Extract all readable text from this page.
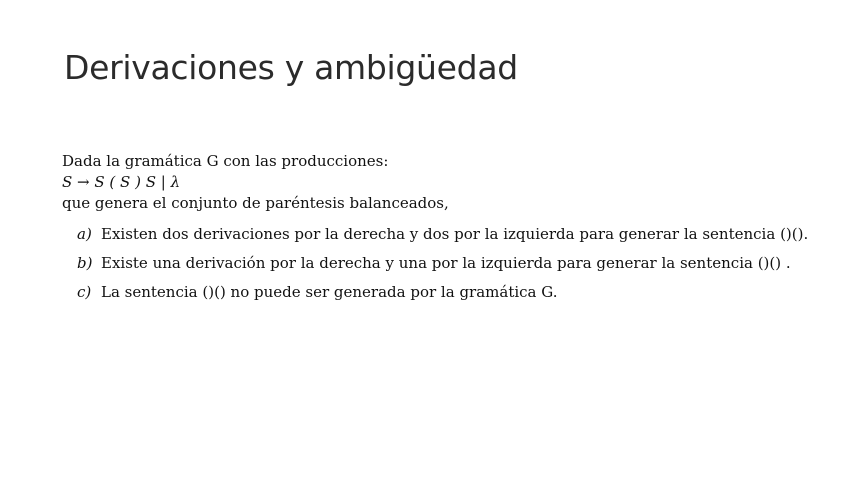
Derivaciones y ambigüedad
Dada la gramática G con las producciones:
S → S ( S ) S | λ
que genera el conjunto de paréntesis balanceados,
a) Existen dos derivaciones por la derecha y dos por la izquierda para generar la sentencia ()().
b) Existe una derivación por la derecha y una por la izquierda para generar la sentencia ()() .
c) La sentencia ()() no puede ser generada por la gramática G.
